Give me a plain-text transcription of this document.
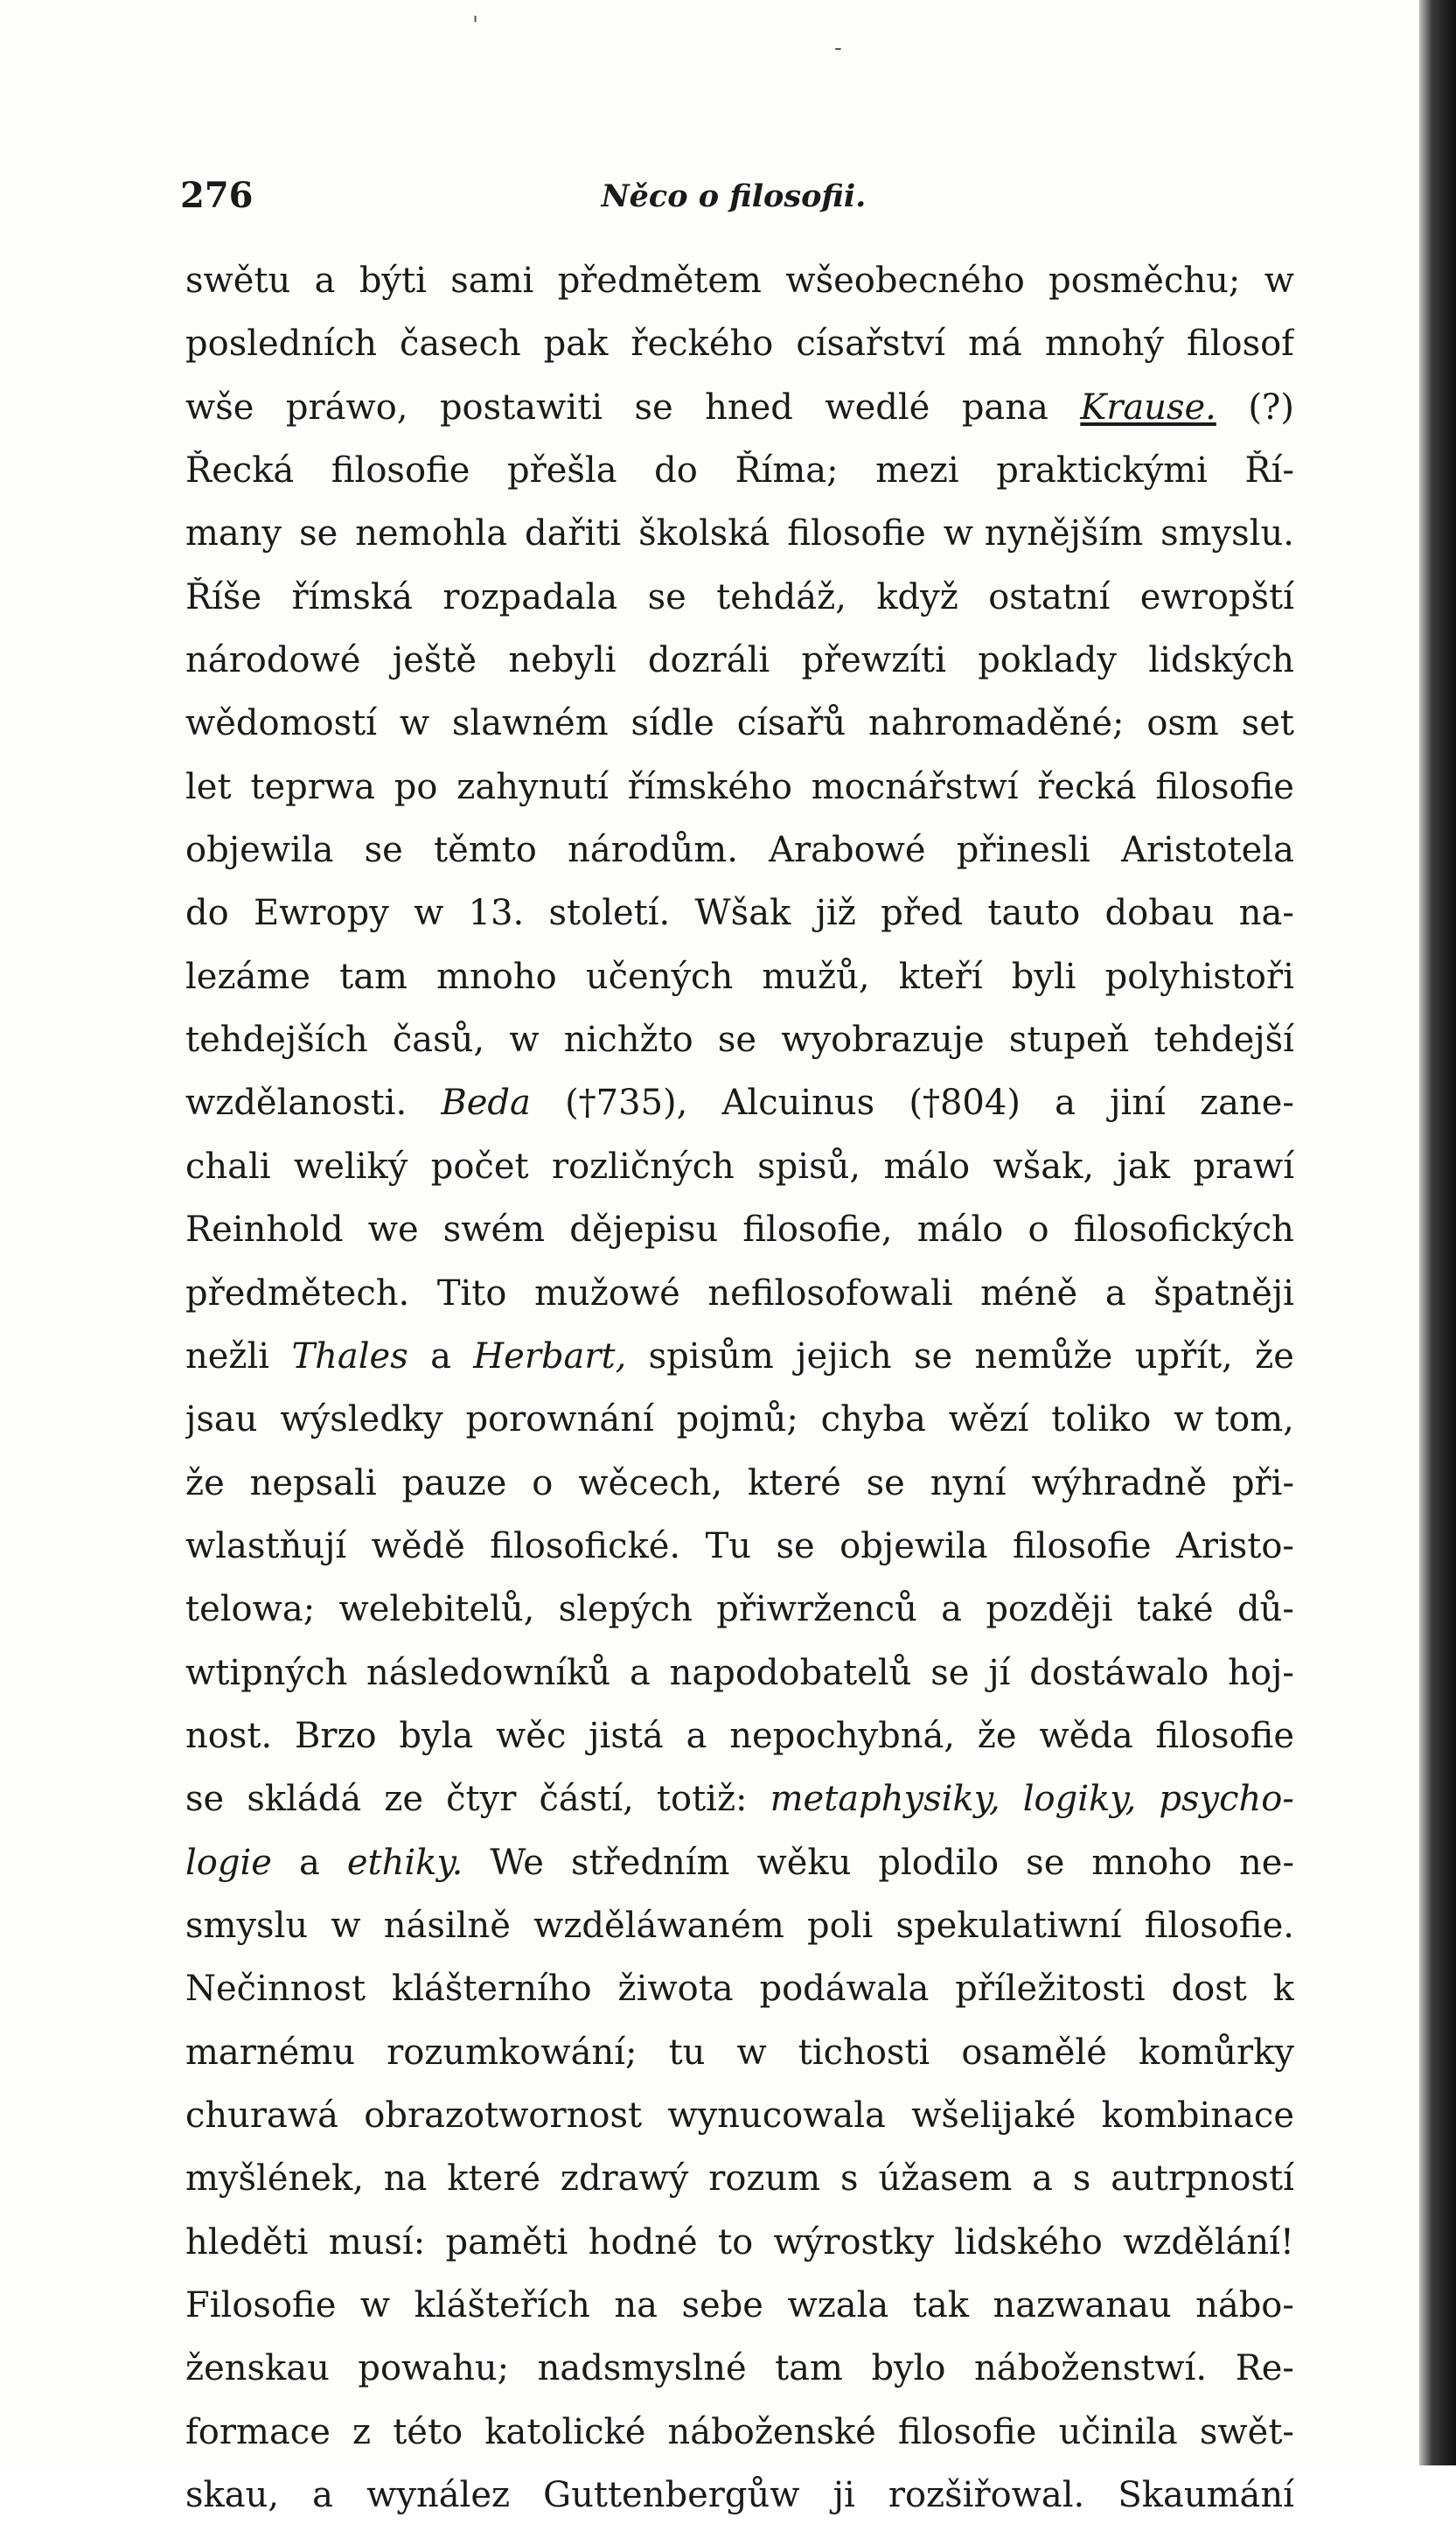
'
-
276	Něco o filosofii.
swětu a býti sami předmětem wšeobecného posměchu; w
posledních časech pak řeckého císařství má mnohý filosof
wše práwo, postawiti se hned wedlé pana Krause. (?)
Řecká filosofie přešla do Říma; mezi praktickými Ří-
many se nemohla dařiti školská filosofie w nynějším smyslu.
Říše římská rozpadala se tehdáž, když ostatní ewropští
národowé ještě nebyli dozráli přewzíti poklady lidských
wědomostí w slawném sídle císařů nahromaděné; osm set
let teprwa po zahynutí římského mocnářstwí řecká filosofie
objewila se těmto národům. Arabowé přinesli Aristotela
do Ewropy w 13. století. Wšak již před tauto dobau na-
lezáme tam mnoho učených mužů, kteří byli polyhistoři
tehdejších časů, w nichžto se wyobrazuje stupeň tehdejší
wzdělanosti. Beda (†735), Alcuinus (†804) a jiní zane-
chali weliký počet rozličných spisů, málo wšak, jak prawí
Reinhold we swém dějepisu filosofie, málo o filosofických
předmětech. Tito mužowé nefilosofowali méně a špatněji
nežli Thales a Herbart, spisům jejich se nemůže upřít, že
jsau wýsledky porownání pojmů; chyba wězí toliko w tom,
že nepsali pauze o wěcech, které se nyní wýhradně při-
wlastňují wědě filosofické. Tu se objewila filosofie Aristo-
telowa; welebitelů, slepých přiwrženců a později také dů-
wtipných následowníků a napodobatelů se jí dostáwalo hoj-
nost. Brzo byla wěc jistá a nepochybná, že wěda filosofie
se skládá ze čtyr částí, totiž: metaphysiky, logiky, psycho-
logie a ethiky. We středním wěku plodilo se mnoho ne-
smyslu w násilně wzděláwaném poli spekulatiwní filosofie.
Nečinnost klášterního žiwota podáwala příležitosti dost k
marnému rozumkowání; tu w tichosti osamělé komůrky
churawá obrazotwornost wynucowala wšelijaké kombinace
myšlének, na které zdrawý rozum s úžasem a s autrpností
hleděti musí: paměti hodné to wýrostky lidského wzdělání!
Filosofie w klášteřích na sebe wzala tak nazwanau nábo-
ženskau powahu; nadsmyslné tam bylo náboženstwí. Re-
formace z této katolické náboženské filosofie učinila swět-
skau, a wynález Guttenbergůw ji rozšiřowal. Skaumání
